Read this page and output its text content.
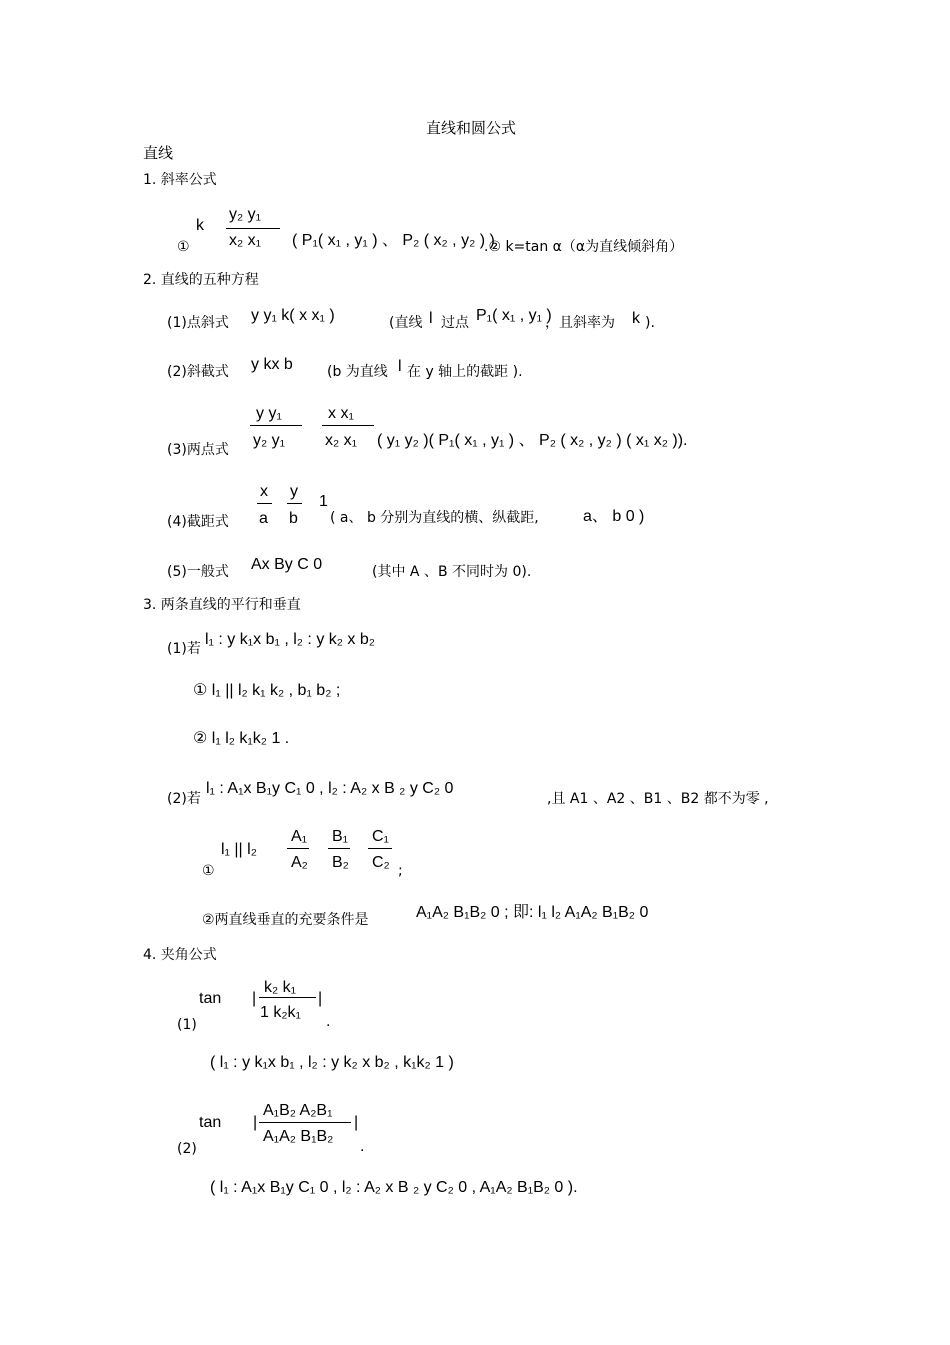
直线和圆公式
直线
1. 斜率公式
k
y₂ y₁
x₂ x₁
①	( P₁( x₁ , y₁ ) 、 P₂ ( x₂ , y₂ ) )
.② k=tan α（α为直线倾斜角）
2. 直线的五种方程
(1)点斜式 y y₁ k( x x₁ )	(直线 l 过点 P₁( x₁ , y₁ )
，且斜率为 k ).
(2)斜截式 y kx b (b 为直线 l 在 y 轴上的截距 ).
(3)两点式
y y₁
y₂ y₁
x x₁
x₂ x₁ ( y₁ y₂ )( P₁( x₁ , y₁ ) 、 P₂ ( x₂ , y₂ ) ( x₁ x₂ )).
(4)截距式
x
a
y
b
1
( a、 b 分别为直线的横、纵截距,	a、 b 0 )
(5)一般式 Ax By C 0	(其中 A 、B 不同时为 0).
3. 两条直线的平行和垂直
(1)若
l₁ : y k₁x b₁ , l₂ : y k₂ x b₂
① l₁ || l₂ k₁ k₂ , b₁ b₂ ;
② l₁ l₂ k₁k₂ 1 .
(2)若
l₁ : A₁x B₁y C₁ 0 , l₂ : A₂ x B ₂ y C₂ 0
,且 A1 、A2 、B1 、B2 都不为零 ,
①
l₁ || l₂
A₁
A₂
B₁
B₂
C₁
C₂ ;
②两直线垂直的充要条件是	A₁A₂ B₁B₂ 0 ; 即: l₁ l₂ A₁A₂ B₁B₂ 0
4. 夹角公式
(1)
tan |
k₂ k₁
1 k₂k₁
|
.
( l₁ : y k₁x b₁ , l₂ : y k₂ x b₂ , k₁k₂ 1 )
(2)
tan |
A₁B₂ A₂B₁
A₁A₂ B₁B₂
|
.
( l₁ : A₁x B₁y C₁ 0 , l₂ : A₂ x B ₂ y C₂ 0 , A₁A₂ B₁B₂ 0 ).
